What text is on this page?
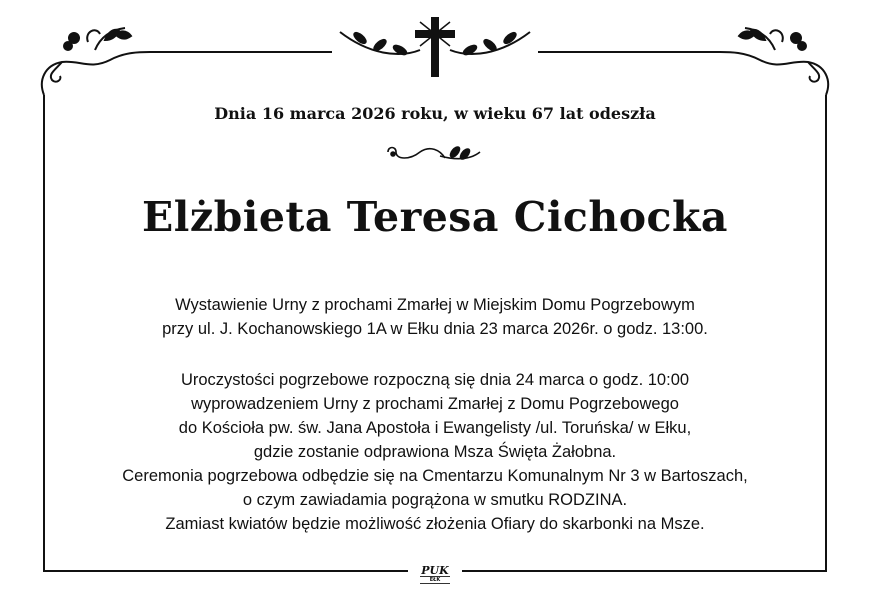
Dnia 16 marca 2026 roku, w wieku 67 lat odeszła
Elżbieta Teresa Cichocka
Wystawienie Urny z prochami Zmarłej w Miejskim Domu Pogrzebowym
przy ul. J. Kochanowskiego 1A w Ełku dnia 23 marca 2026r. o godz. 13:00.
Uroczystości pogrzebowe rozpoczną się dnia 24 marca o godz. 10:00
wyprowadzeniem Urny z prochami Zmarłej z Domu Pogrzebowego
do Kościoła pw. św. Jana Apostoła i Ewangelisty /ul. Toruńska/ w Ełku,
gdzie zostanie odprawiona Msza Święta Żałobna.
Ceremonia pogrzebowa odbędzie się na Cmentarzu Komunalnym Nr 3 w Bartoszach,
o czym zawiadamia pogrążona w smutku RODZINA.
Zamiast kwiatów będzie możliwość złożenia Ofiary do skarbonki na Msze.
PUK
EŁK
